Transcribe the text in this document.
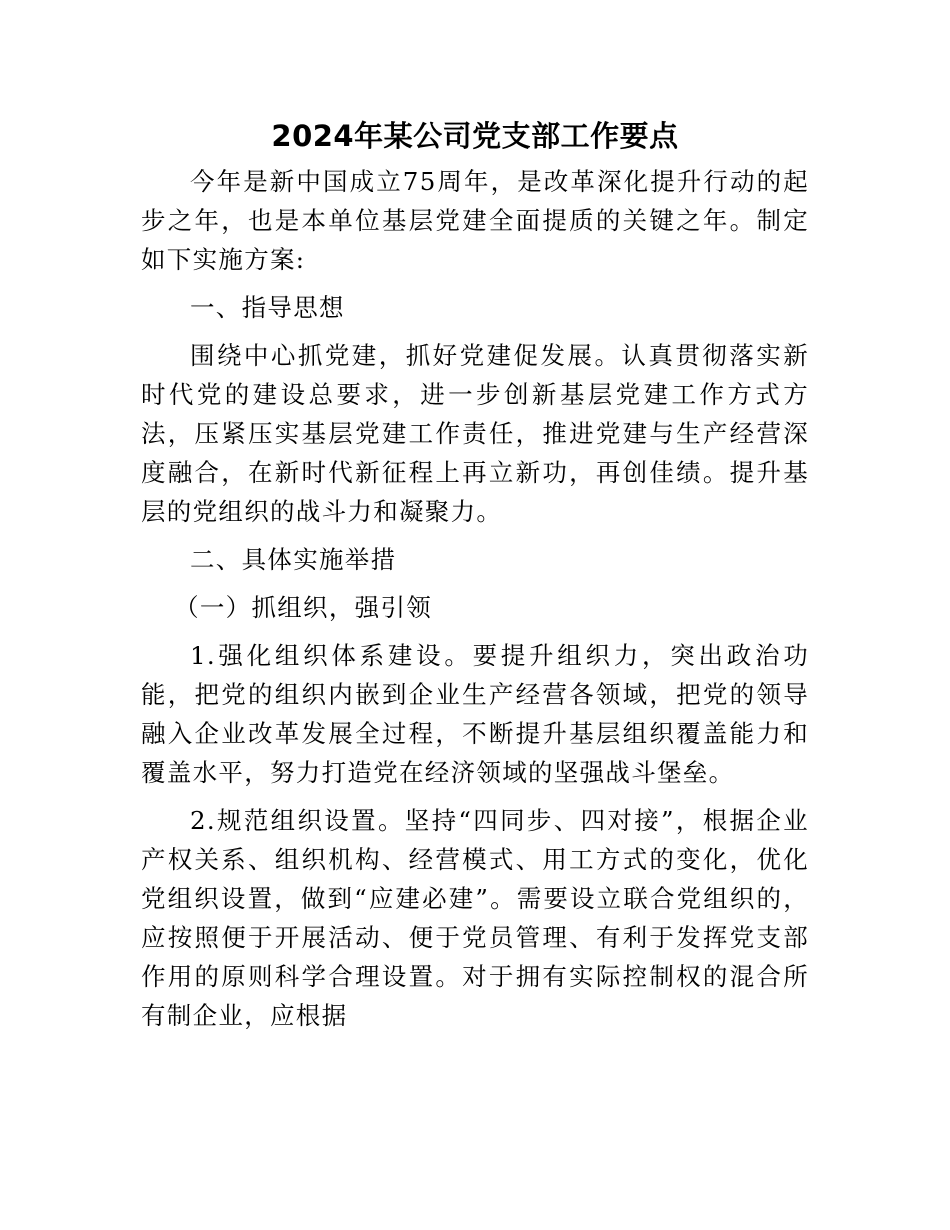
2024年某公司党支部工作要点

今年是新中国成立75周年，是改革深化提升行动的起步之年，也是本单位基层党建全面提质的关键之年。制定如下实施方案:

一、指导思想

围绕中心抓党建，抓好党建促发展。认真贯彻落实新时代党的建设总要求，进一步创新基层党建工作方式方法，压紧压实基层党建工作责任，推进党建与生产经营深度融合，在新时代新征程上再立新功，再创佳绩。提升基层的党组织的战斗力和凝聚力。

二、具体实施举措

（一）抓组织，强引领

1.强化组织体系建设。要提升组织力，突出政治功能，把党的组织内嵌到企业生产经营各领域，把党的领导融入企业改革发展全过程，不断提升基层组织覆盖能力和覆盖水平，努力打造党在经济领域的坚强战斗堡垒。

2.规范组织设置。坚持“四同步、四对接”，根据企业产权关系、组织机构、经营模式、用工方式的变化，优化党组织设置，做到“应建必建”。需要设立联合党组织的，应按照便于开展活动、便于党员管理、有利于发挥党支部作用的原则科学合理设置。对于拥有实际控制权的混合所有制企业，应根据
